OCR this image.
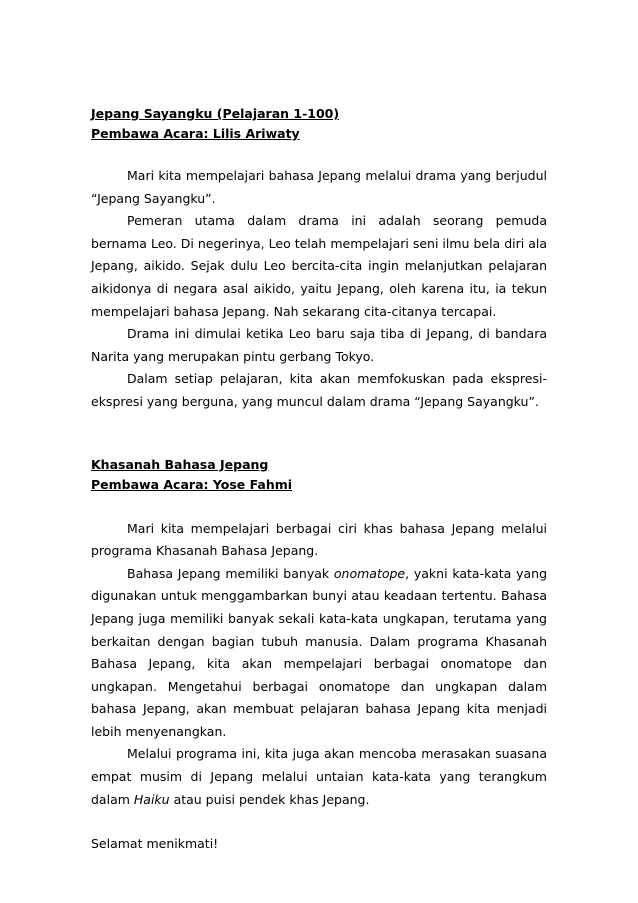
Jepang Sayangku (Pelajaran 1-100)
Pembawa Acara: Lilis Ariwaty

Mari kita mempelajari bahasa Jepang melalui drama yang berjudul “Jepang Sayangku”.

Pemeran utama dalam drama ini adalah seorang pemuda bernama Leo. Di negerinya, Leo telah mempelajari seni ilmu bela diri ala Jepang, aikido. Sejak dulu Leo bercita-cita ingin melanjutkan pelajaran aikidonya di negara asal aikido, yaitu Jepang, oleh karena itu, ia tekun mempelajari bahasa Jepang. Nah sekarang cita-citanya tercapai.

Drama ini dimulai ketika Leo baru saja tiba di Jepang, di bandara Narita yang merupakan pintu gerbang Tokyo.

Dalam setiap pelajaran, kita akan memfokuskan pada ekspresi-ekspresi yang berguna, yang muncul dalam drama “Jepang Sayangku”.

Khasanah Bahasa Jepang
Pembawa Acara: Yose Fahmi

Mari kita mempelajari berbagai ciri khas bahasa Jepang melalui programa Khasanah Bahasa Jepang.

Bahasa Jepang memiliki banyak onomatope, yakni kata-kata yang digunakan untuk menggambarkan bunyi atau keadaan tertentu. Bahasa Jepang juga memiliki banyak sekali kata-kata ungkapan, terutama yang berkaitan dengan bagian tubuh manusia. Dalam programa Khasanah Bahasa Jepang, kita akan mempelajari berbagai onomatope dan ungkapan. Mengetahui berbagai onomatope dan ungkapan dalam bahasa Jepang, akan membuat pelajaran bahasa Jepang kita menjadi lebih menyenangkan.

Melalui programa ini, kita juga akan mencoba merasakan suasana empat musim di Jepang melalui untaian kata-kata yang terangkum dalam Haiku atau puisi pendek khas Jepang.

Selamat menikmati!
